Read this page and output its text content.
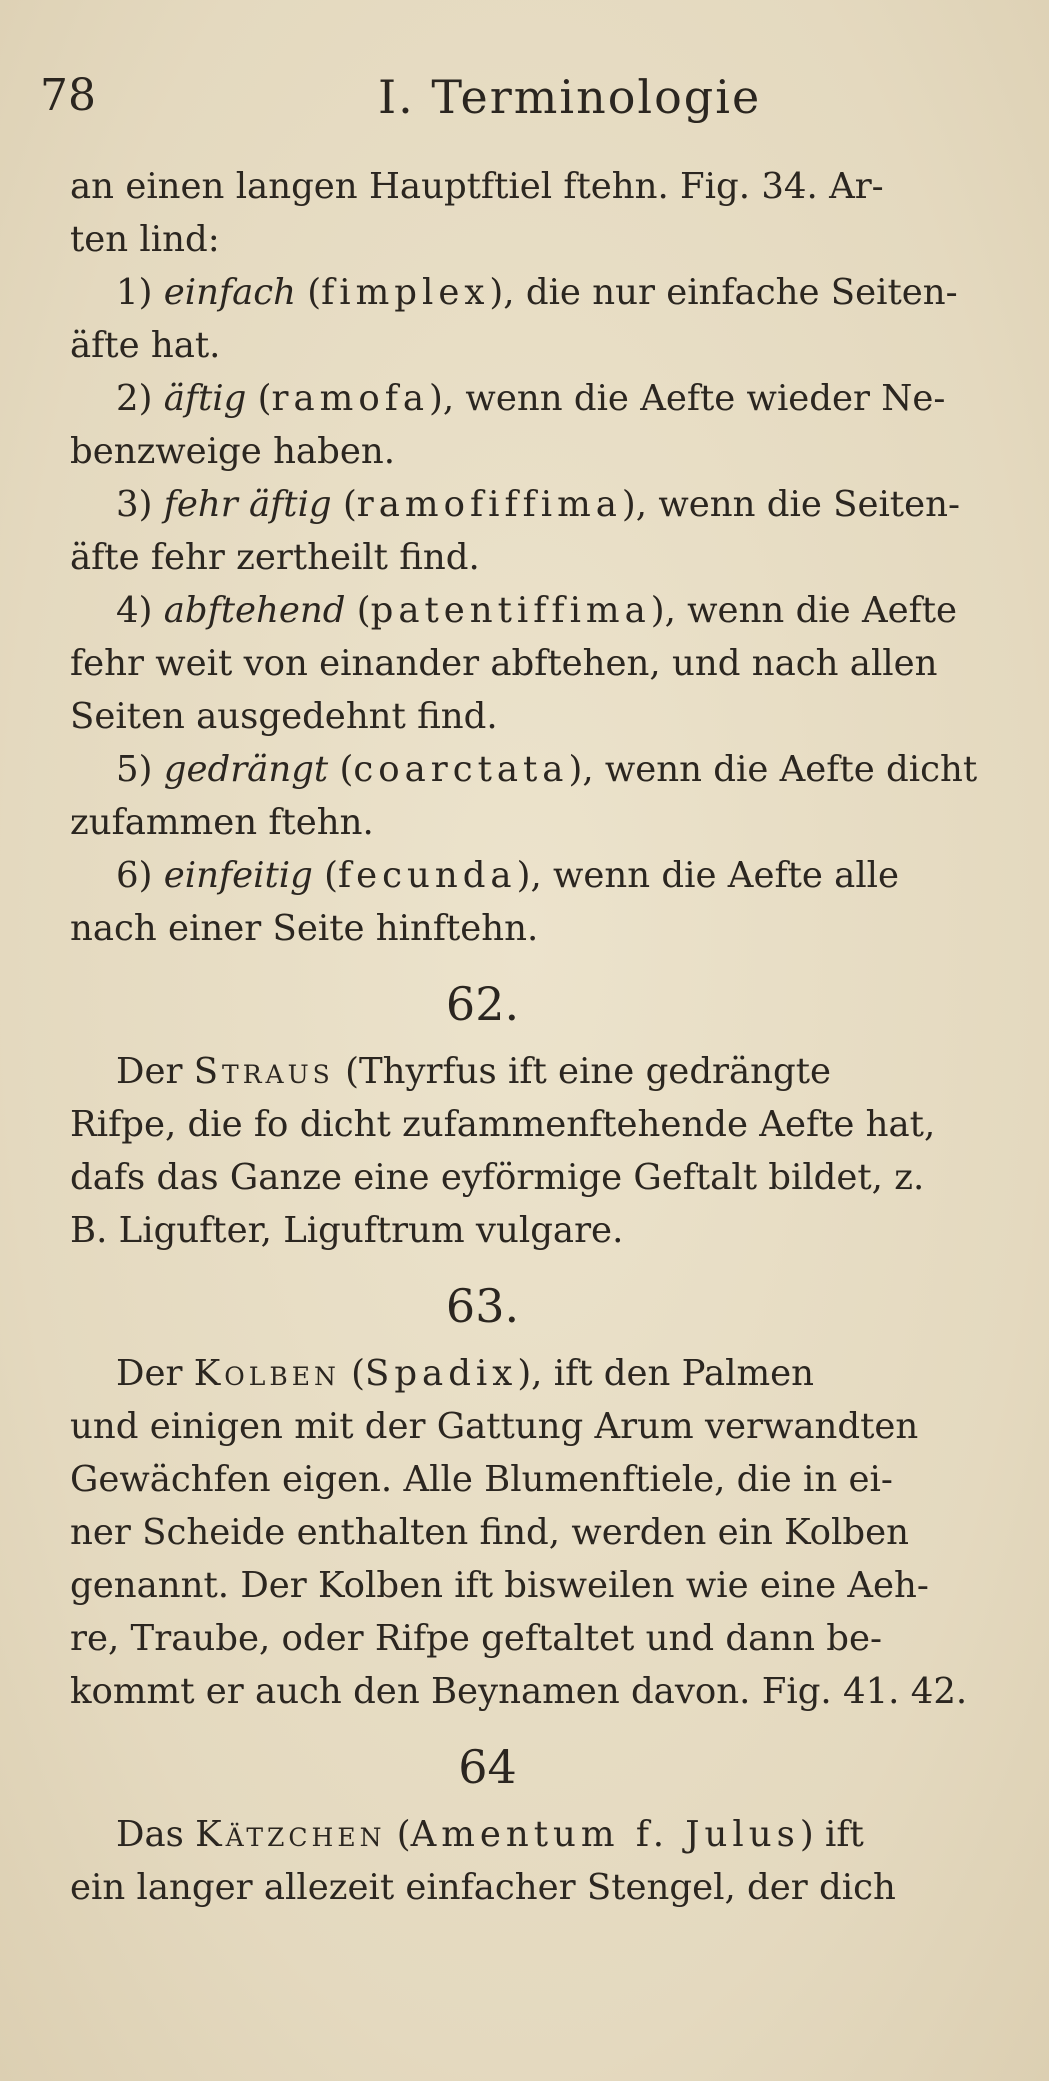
78	I. Terminologie
an einen langen Hauptftiel ftehn. Fig. 34. Ar-
ten lind:
1) einfach (fimplex), die nur einfache Seiten-
äfte hat.
2) äftig (ramofa), wenn die Aefte wieder Ne-
benzweige haben.
3) fehr äftig (ramofiffima), wenn die Seiten-
äfte fehr zertheilt find.
4) abftehend (patentiffima), wenn die Aefte
fehr weit von einander abftehen, und nach allen
Seiten ausgedehnt find.
5) gedrängt (coarctata), wenn die Aefte dicht
zufammen ftehn.
6) einfeitig (fecunda), wenn die Aefte alle
nach einer Seite hinftehn.
62.
Der Straus (Thyrfus ift eine gedrängte
Rifpe, die fo dicht zufammenftehende Aefte hat,
dafs das Ganze eine eyförmige Geftalt bildet, z.
B. Ligufter, Liguftrum vulgare.
63.
Der Kolben (Spadix), ift den Palmen
und einigen mit der Gattung Arum verwandten
Gewächfen eigen. Alle Blumenftiele, die in ei-
ner Scheide enthalten find, werden ein Kolben
genannt. Der Kolben ift bisweilen wie eine Aeh-
re, Traube, oder Rifpe geftaltet und dann be-
kommt er auch den Beynamen davon. Fig. 41. 42.
64
Das Kätzchen (Amentum f. Julus) ift
ein langer allezeit einfacher Stengel, der dich
